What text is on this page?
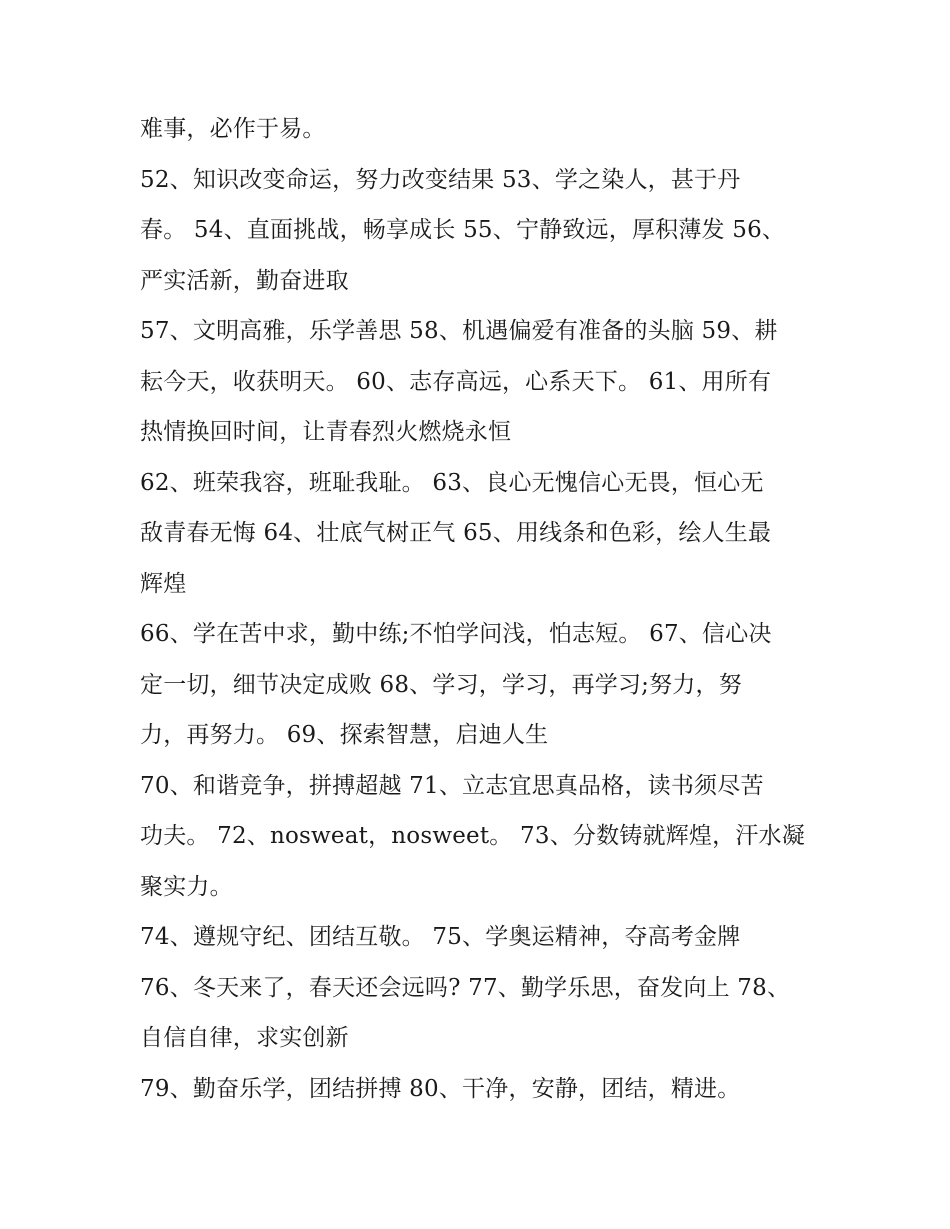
难事，必作于易。
52、知识改变命运，努力改变结果 53、学之染人，甚于丹
春。 54、直面挑战，畅享成长 55、宁静致远，厚积薄发 56、
严实活新，勤奋进取
57、文明高雅，乐学善思 58、机遇偏爱有准备的头脑 59、耕
耘今天，收获明天。 60、志存高远，心系天下。 61、用所有
热情换回时间，让青春烈火燃烧永恒
62、班荣我容，班耻我耻。 63、良心无愧信心无畏，恒心无
敌青春无悔 64、壮底气树正气 65、用线条和色彩，绘人生最
辉煌
66、学在苦中求，勤中练;不怕学问浅，怕志短。 67、信心决
定一切，细节决定成败 68、学习，学习，再学习;努力，努
力，再努力。 69、探索智慧，启迪人生
70、和谐竞争，拼搏超越 71、立志宜思真品格，读书须尽苦
功夫。 72、nosweat，nosweet。 73、分数铸就辉煌，汗水凝
聚实力。
74、遵规守纪、团结互敬。 75、学奥运精神，夺高考金牌
76、冬天来了，春天还会远吗? 77、勤学乐思，奋发向上 78、
自信自律，求实创新
79、勤奋乐学，团结拼搏 80、干净，安静，团结，精进。
